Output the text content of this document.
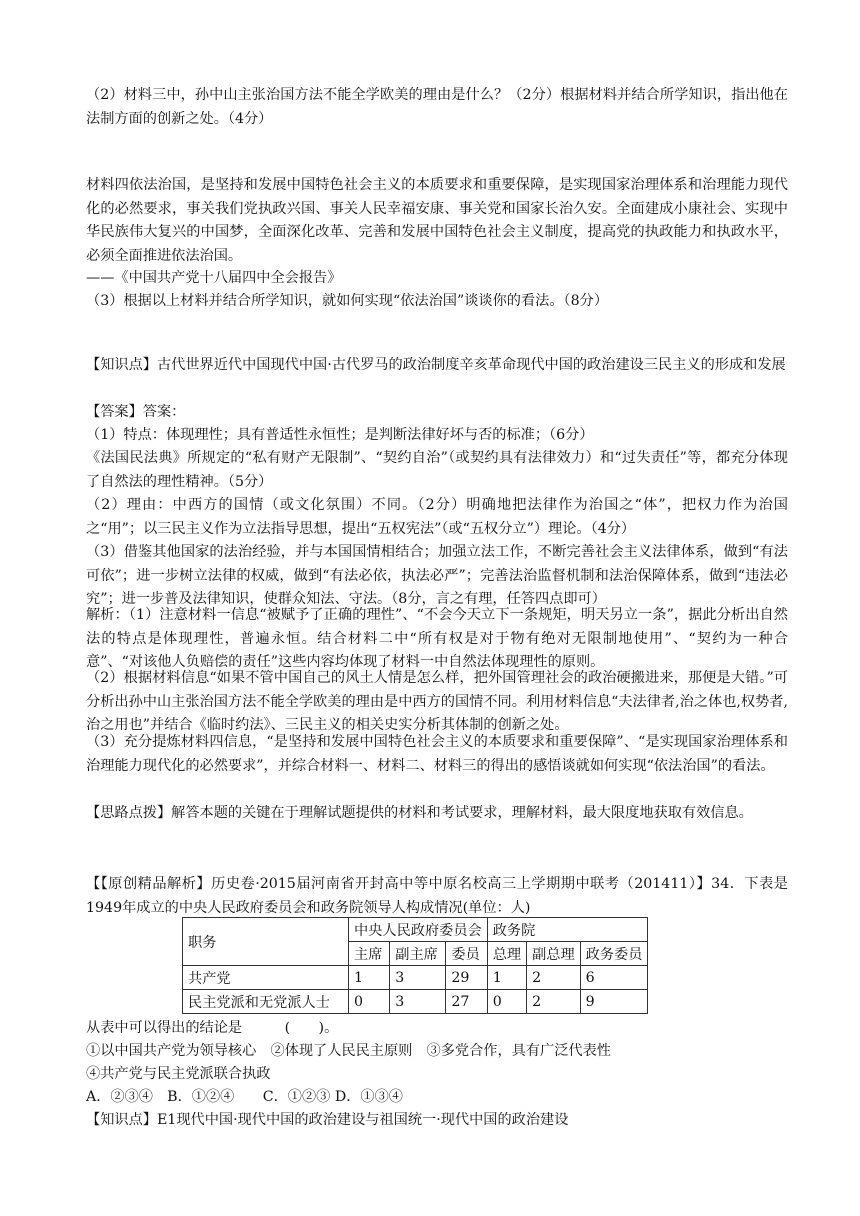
（2）材料三中，孙中山主张治国方法不能全学欧美的理由是什么？（2分）根据材料并结合所学知识，指出他在法制方面的创新之处。（4分）

材料四依法治国，是坚持和发展中国特色社会主义的本质要求和重要保障，是实现国家治理体系和治理能力现代化的必然要求，事关我们党执政兴国、事关人民幸福安康、事关党和国家长治久安。全面建成小康社会、实现中华民族伟大复兴的中国梦，全面深化改革、完善和发展中国特色社会主义制度，提高党的执政能力和执政水平，必须全面推进依法治国。

——《中国共产党十八届四中全会报告》

（3）根据以上材料并结合所学知识，就如何实现“依法治国”谈谈你的看法。（8分）

【知识点】古代世界近代中国现代中国·古代罗马的政治制度辛亥革命现代中国的政治建设三民主义的形成和发展

【答案】答案：

（1）特点：体现理性；具有普适性永恒性；是判断法律好坏与否的标准；（6分）

《法国民法典》所规定的“私有财产无限制”、“契约自治”（或契约具有法律效力）和“过失责任”等，都充分体现了自然法的理性精神。（5分）

（2）理由：中西方的国情（或文化氛围）不同。（2分）明确地把法律作为治国之“体”，把权力作为治国之“用”；以三民主义作为立法指导思想，提出“五权宪法”（或“五权分立”）理论。（4分）

（3）借鉴其他国家的法治经验，并与本国国情相结合；加强立法工作，不断完善社会主义法律体系，做到“有法可依”；进一步树立法律的权威，做到“有法必依，执法必严”；完善法治监督机制和法治保障体系，做到“违法必究”；进一步普及法律知识，使群众知法、守法。（8分，言之有理，任答四点即可）

解析：（1）注意材料一信息“被赋予了正确的理性”、“不会今天立下一条规矩，明天另立一条”，据此分析出自然法的特点是体现理性，普遍永恒。结合材料二中“所有权是对于物有绝对无限制地使用”、“契约为一种合意”、“对该他人负赔偿的责任”这些内容均体现了材料一中自然法体现理性的原则。

（2）根据材料信息“如果不管中国自己的风土人情是怎么样，把外国管理社会的政治硬搬进来，那便是大错。”可分析出孙中山主张治国方法不能全学欧美的理由是中西方的国情不同。利用材料信息“夫法律者,治之体也,权势者,治之用也”并结合《临时约法》、三民主义的相关史实分析其体制的创新之处。

（3）充分提炼材料四信息，“是坚持和发展中国特色社会主义的本质要求和重要保障”、“是实现国家治理体系和治理能力现代化的必然要求”，并综合材料一、材料二、材料三的得出的感悟谈就如何实现“依法治国”的看法。

【思路点拨】解答本题的关键在于理解试题提供的材料和考试要求，理解材料，最大限度地获取有效信息。

【【原创精品解析】历史卷·2015届河南省开封高中等中原名校高三上学期期中联考（201411）】34．下表是1949年成立的中央人民政府委员会和政务院领导人构成情况(单位：人)

职务	中央人民政府委员会			政务院		
	主席	副主席	委员	总理	副总理	政务委员
共产党	1	3	29	1	2	6
民主党派和无党派人士	0	3	27	0	2	9

从表中可以得出的结论是　　　(　　)。

①以中国共产党为领导核心　②体现了人民民主原则　③多党合作，具有广泛代表性

④共产党与民主党派联合执政

A．②③④　B．①②④　　C．①②③ D．①③④

【知识点】E1现代中国·现代中国的政治建设与祖国统一·现代中国的政治建设
